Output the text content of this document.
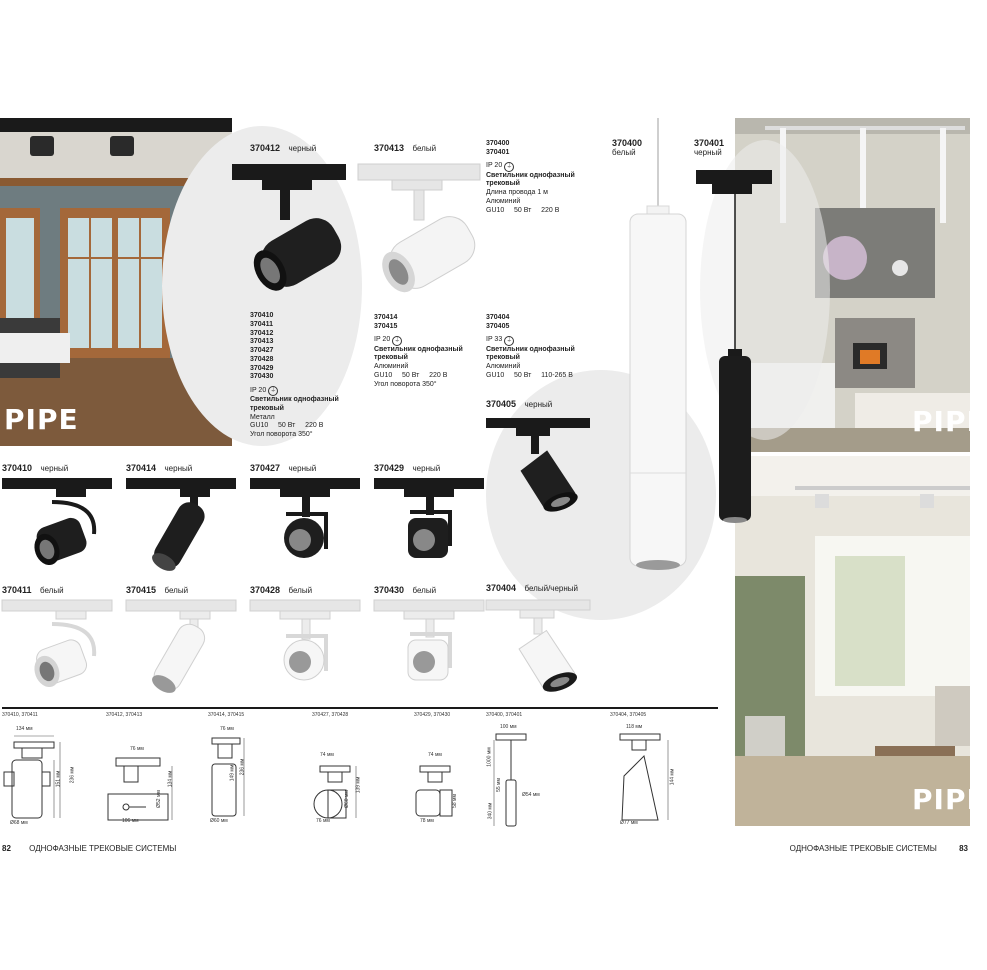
PIPE	PIPE
PIPE
370412 черный	370413 белый
370410
370411
370412
370413
370427
370428
370429
370430
IP 20 ⏚
Светильник однофазный
трековый
Металл
GU10     50 Вт     220 В
Угол поворота 350°
370414
370415
IP 20 ⏚
Светильник однофазный
трековый
Алюминий
GU10     50 Вт     220 В
Угол поворота 350°
370400
370401
IP 20 ⏚
Светильник однофазный
трековый
Длина провода 1 м
Алюминий
GU10     50 Вт     220 В
370404
370405
IP 33 ⏚
Светильник однофазный
трековый
Алюминий
GU10     50 Вт     110-265 В
370405 черный
370400
белый
370401
черный
370410 черный	370414 черный	370427 черный	370429 черный
370411 белый	370415 белый	370428 белый	370430 белый	370404 белый/черный
370410, 370411
134 мм
236 мм
151 мм
Ø68 мм
370412, 370413
76 мм
134 мм
Ø52 мм
106 мм
370414, 370415
76 мм
236 мм
149 мм
Ø60 мм
370427, 370428
74 мм
139 мм
Ø60 мм
76 мм
370429, 370430
74 мм
58 мм
78 мм
370400, 370401
100 мм
1000 мм
Ø54 мм
340 мм
55 мм
370404, 370405
118 мм
144 мм
Ø77 мм
82 ОДНОФАЗНЫЕ ТРЕКОВЫЕ СИСТЕМЫ	ОДНОФАЗНЫЕ ТРЕКОВЫЕ СИСТЕМЫ	83
